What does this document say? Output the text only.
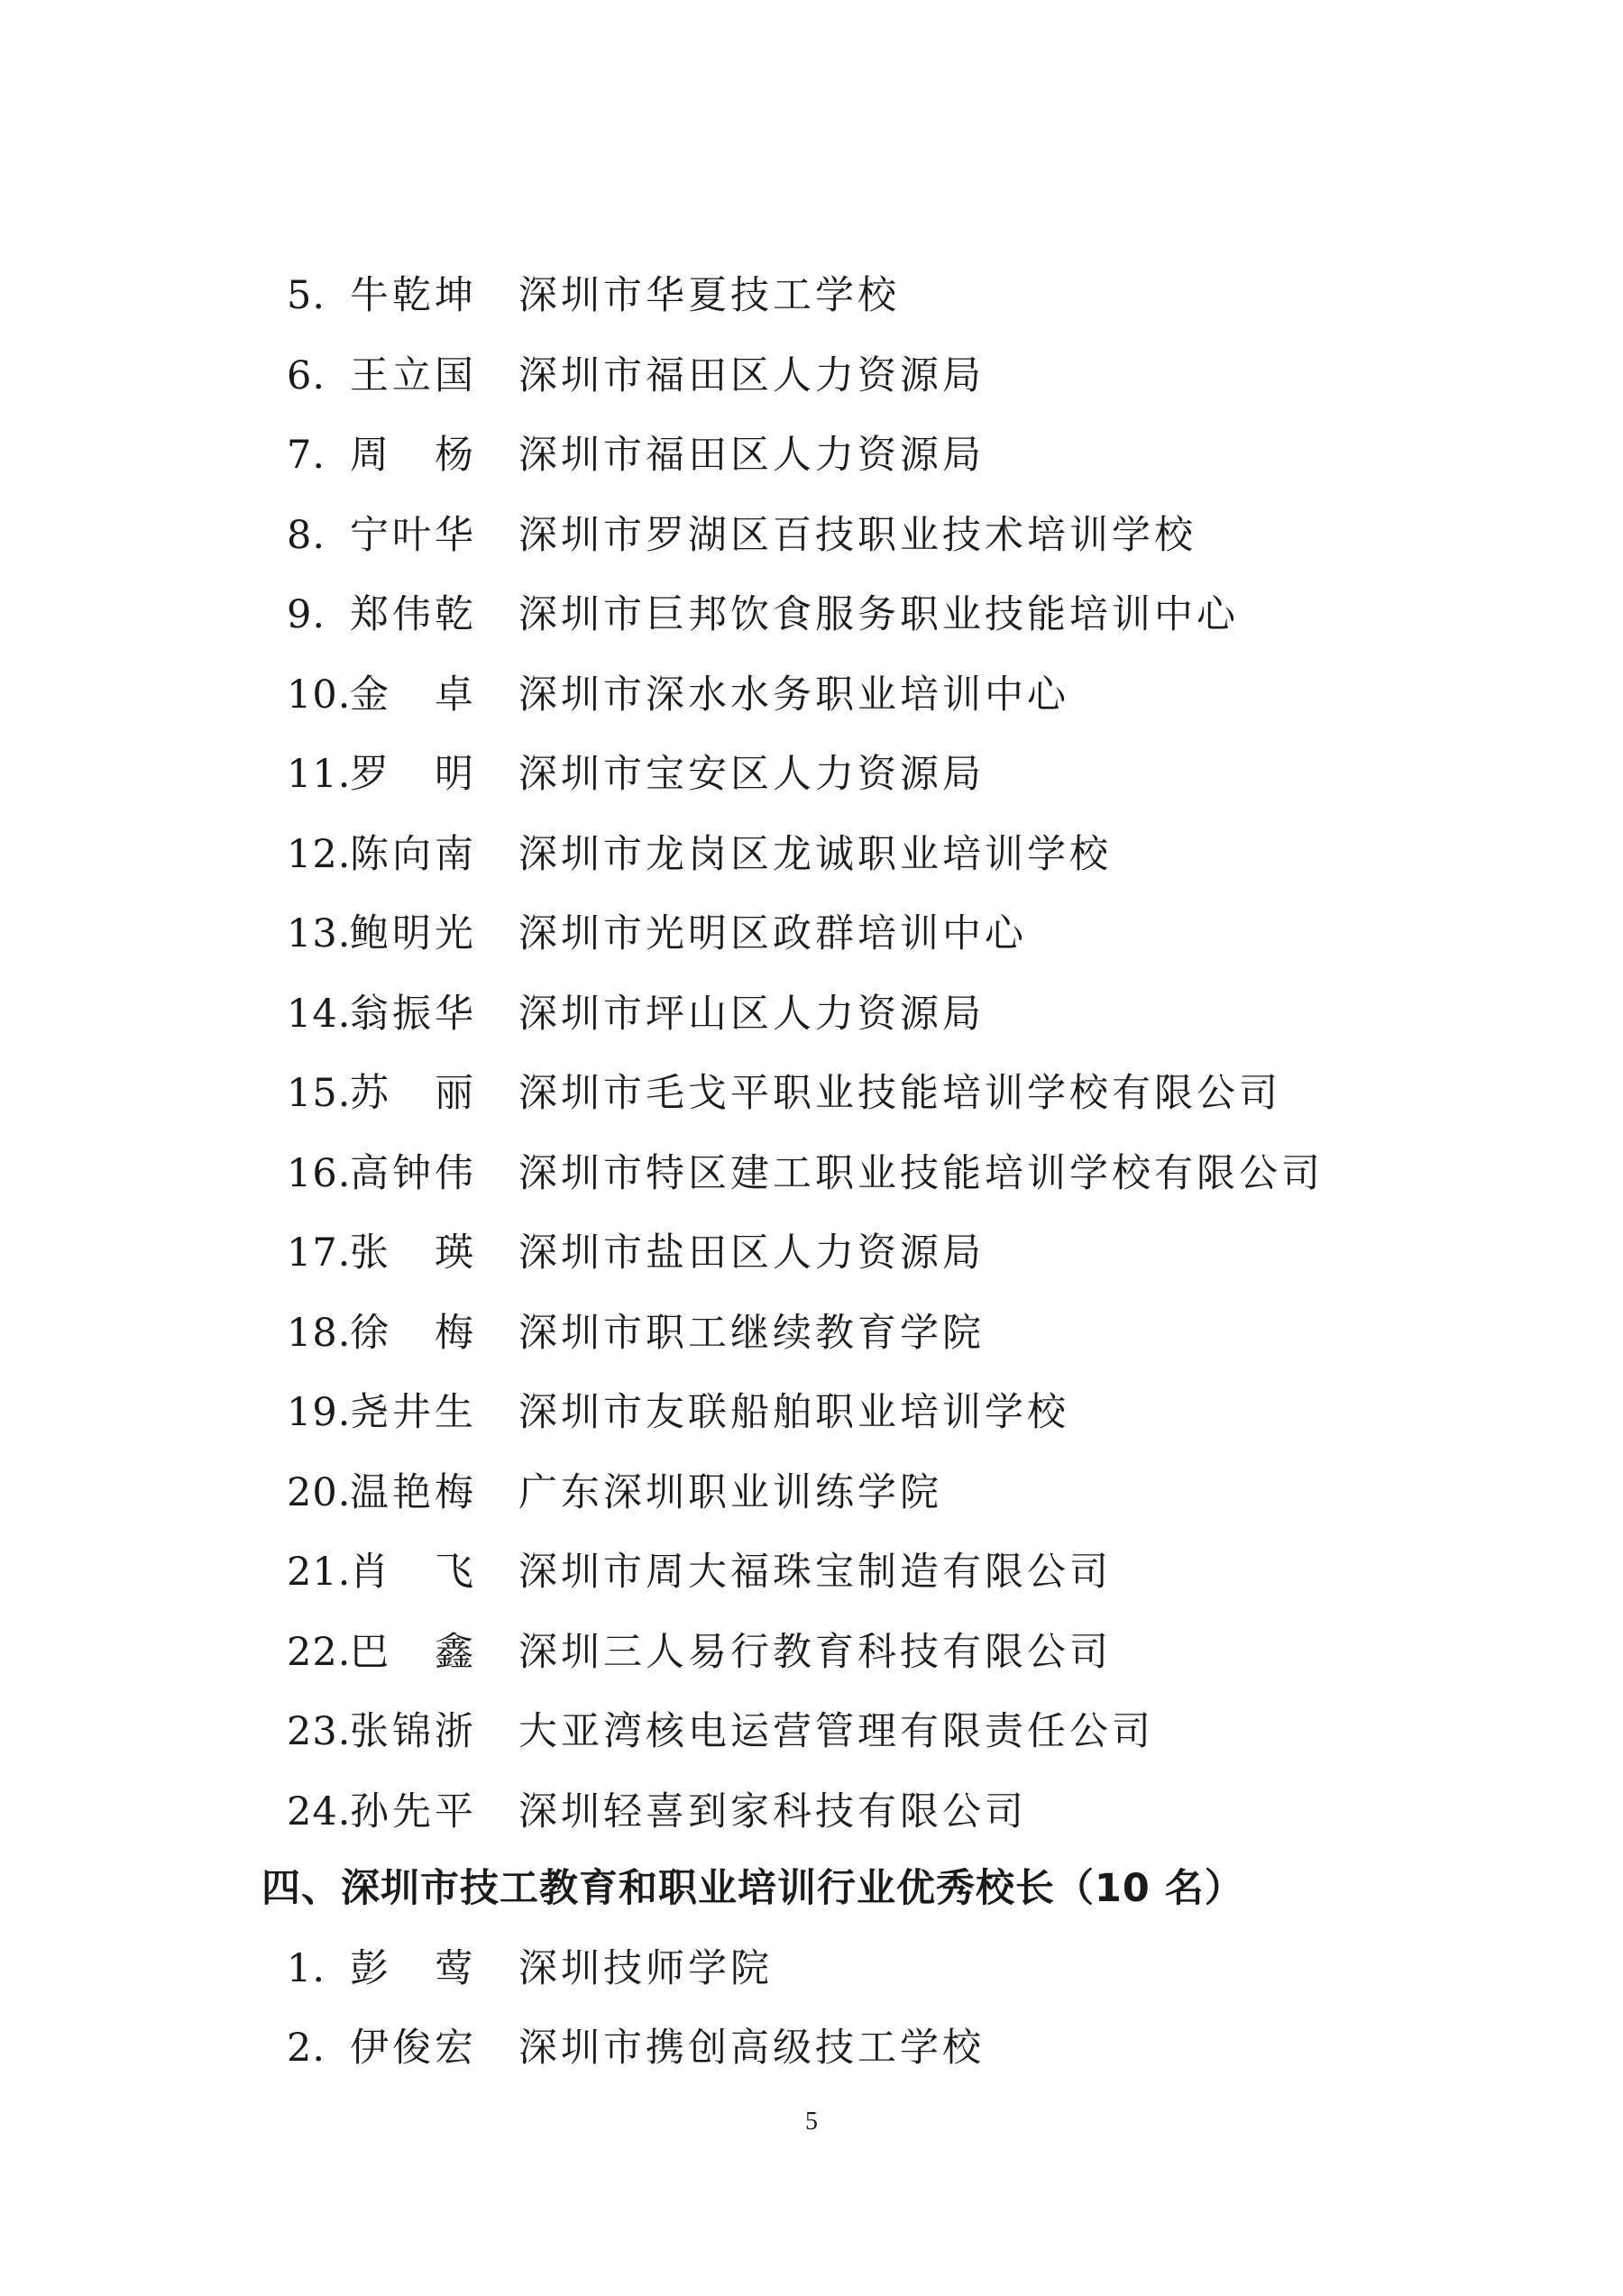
5. 牛乾坤 深圳市华夏技工学校
6. 王立国 深圳市福田区人力资源局
7. 周　杨 深圳市福田区人力资源局
8. 宁叶华 深圳市罗湖区百技职业技术培训学校
9. 郑伟乾 深圳市巨邦饮食服务职业技能培训中心
10.
金　卓 深圳市深水水务职业培训中心
11.
罗　明 深圳市宝安区人力资源局
12.
陈向南 深圳市龙岗区龙诚职业培训学校
13.
鲍明光 深圳市光明区政群培训中心
14.
翁振华 深圳市坪山区人力资源局
15.
苏　丽 深圳市毛戈平职业技能培训学校有限公司
16.
高钟伟 深圳市特区建工职业技能培训学校有限公司
17.
张　瑛 深圳市盐田区人力资源局
18.
徐　梅 深圳市职工继续教育学院
19.
尧井生 深圳市友联船舶职业培训学校
20.
温艳梅 广东深圳职业训练学院
21.
肖　飞 深圳市周大福珠宝制造有限公司
22.
巴　鑫 深圳三人易行教育科技有限公司
23.
张锦浙 大亚湾核电运营管理有限责任公司
24.
孙先平 深圳轻喜到家科技有限公司
四、深圳市技工教育和职业培训行业优秀校长（10 名）
1. 彭　莺 深圳技师学院
2. 伊俊宏 深圳市携创高级技工学校
5
